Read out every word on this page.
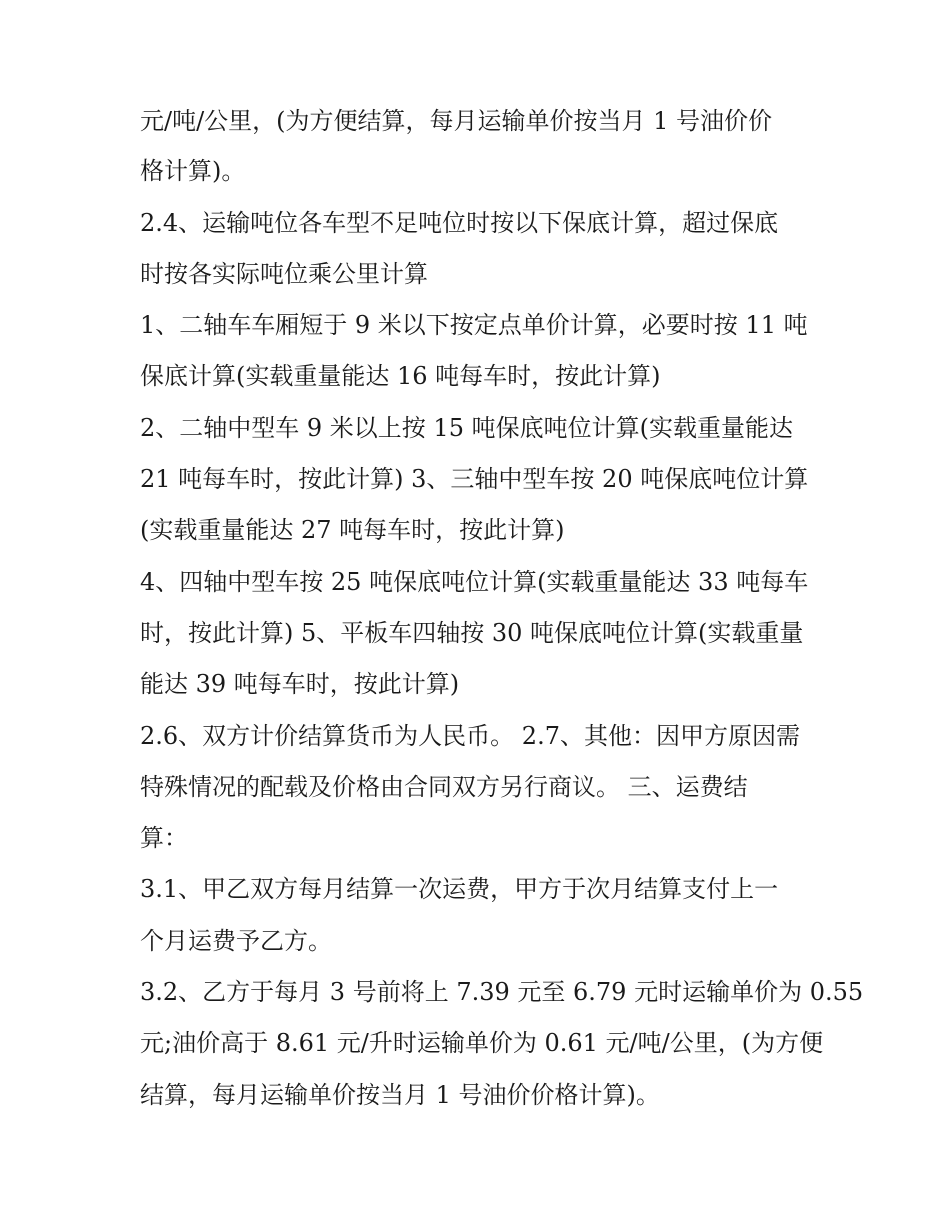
元/吨/公里，(为方便结算，每月运输单价按当月 1 号油价价
格计算)。
2.4、运输吨位各车型不足吨位时按以下保底计算，超过保底
时按各实际吨位乘公里计算
1、二轴车车厢短于 9 米以下按定点单价计算，必要时按 11 吨
保底计算(实载重量能达 16 吨每车时，按此计算)
2、二轴中型车 9 米以上按 15 吨保底吨位计算(实载重量能达
21 吨每车时，按此计算) 3、三轴中型车按 20 吨保底吨位计算
(实载重量能达 27 吨每车时，按此计算)
4、四轴中型车按 25 吨保底吨位计算(实载重量能达 33 吨每车
时，按此计算) 5、平板车四轴按 30 吨保底吨位计算(实载重量
能达 39 吨每车时，按此计算)
2.6、双方计价结算货币为人民币。 2.7、其他：因甲方原因需
特殊情况的配载及价格由合同双方另行商议。 三、运费结
算：
3.1、甲乙双方每月结算一次运费，甲方于次月结算支付上一
个月运费予乙方。
3.2、乙方于每月 3 号前将上 7.39 元至 6.79 元时运输单价为 0.55
元;油价高于 8.61 元/升时运输单价为 0.61 元/吨/公里，(为方便
结算，每月运输单价按当月 1 号油价价格计算)。
